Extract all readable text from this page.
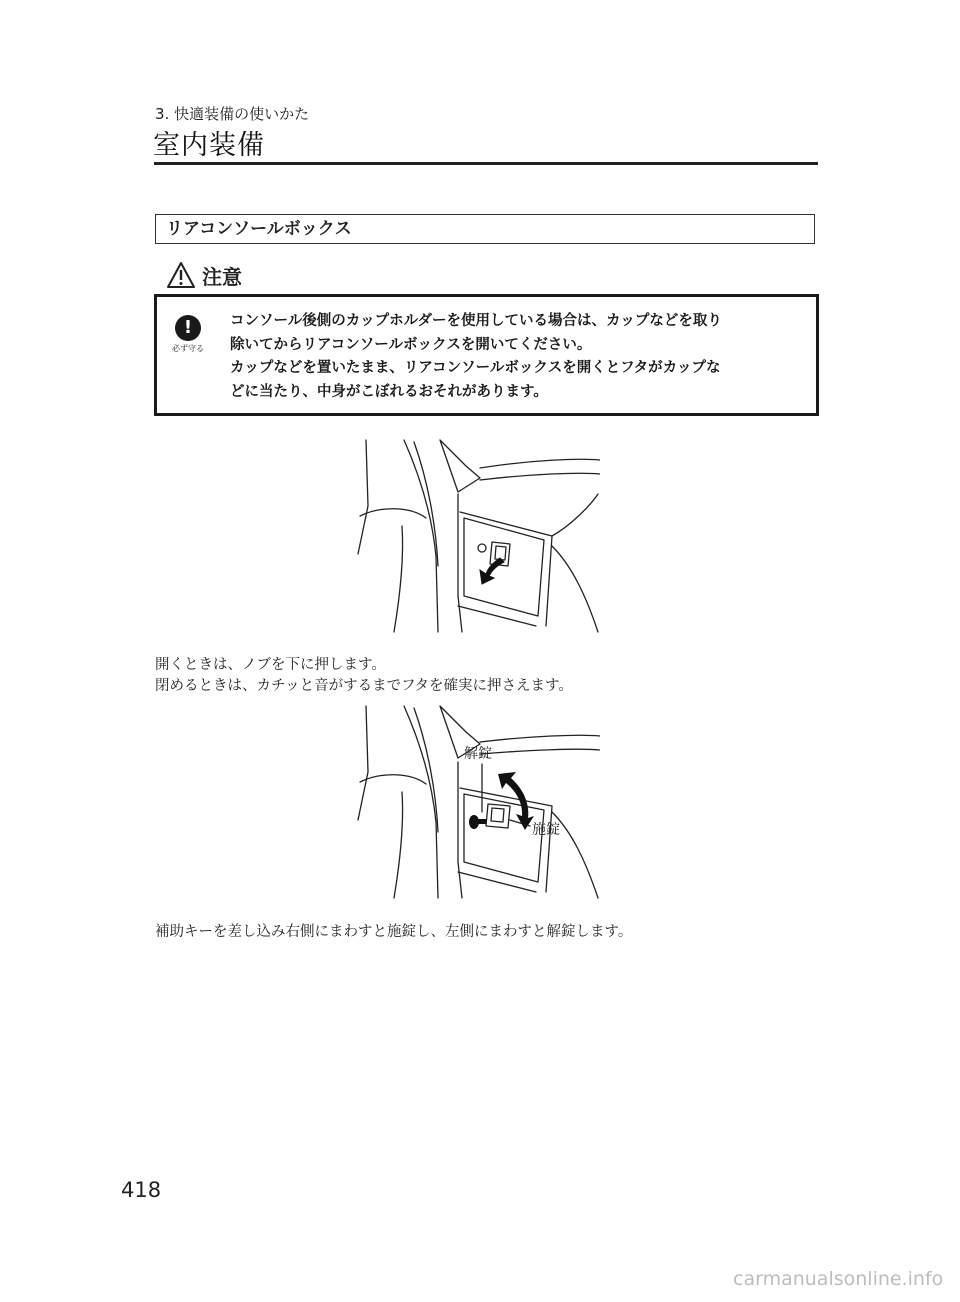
3. 快適装備の使いかた
室内装備
リアコンソールボックス
注意
!
必ず守る

コンソール後側のカップホルダーを使用している場合は、カップなどを取り

除いてからリアコンソールボックスを開いてください。

カップなどを置いたまま、リアコンソールボックスを開くとフタがカップな

どに当たり、中身がこぼれるおそれがあります。

開くときは、ノブを下に押します。
閉めるときは、カチッと音がするまでフタを確実に押さえます。
解錠
施錠
補助キーを差し込み右側にまわすと施錠し、左側にまわすと解錠します。
418
carmanualsonline.info
